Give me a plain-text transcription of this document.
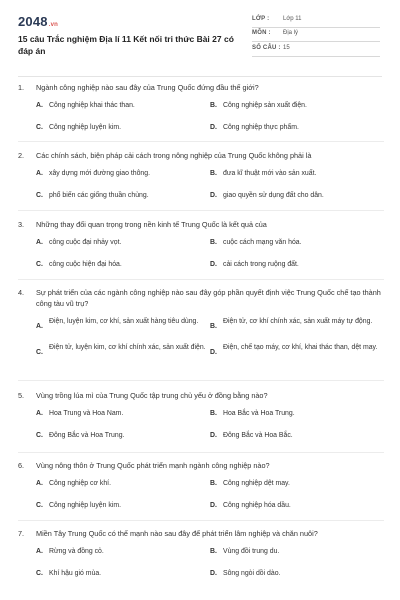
2048.vn
15 câu Trắc nghiệm Địa lí 11 Kết nối tri thức Bài 27 có đáp án
LỚP : Lớp 11
MÔN : Địa lý
SỐ CÂU : 15
1. Ngành công nghiệp nào sau đây của Trung Quốc đứng đầu thế giới?
A. Công nghiệp khai thác than.	B. Công nghiệp sản xuất điện.
C. Công nghiệp luyện kim.	D. Công nghiệp thực phẩm.
2. Các chính sách, biện pháp cải cách trong nông nghiệp của Trung Quốc không phải là
A. xây dựng mới đường giao thông.	B. đưa kĩ thuật mới vào sản xuất.
C. phổ biến các giống thuần chủng.	D. giao quyền sử dụng đất cho dân.
3. Những thay đổi quan trọng trong nền kinh tế Trung Quốc là kết quả của
A. công cuộc đại nhảy vọt.	B. cuộc cách mạng văn hóa.
C. công cuộc hiện đại hóa.	D. cải cách trong ruộng đất.
4. Sự phát triển của các ngành công nghiệp nào sau đây góp phần quyết định việc Trung Quốc chế tạo thành công tàu vũ trụ?
A.
Điện, luyện kim, cơ khí, sản xuất hàng tiêu dùng.
B.
Điện tử, cơ khí chính xác, sản xuất máy tự động.
C.
Điện tử, luyện kim, cơ khí chính xác, sản xuất điện.
D.
Điện, chế tạo máy, cơ khí, khai thác than, dệt may.
5. Vùng trồng lúa mì của Trung Quốc tập trung chủ yếu ở đồng bằng nào?
A. Hoa Trung và Hoa Nam.	B. Hoa Bắc và Hoa Trung.
C. Đông Bắc và Hoa Trung.	D. Đông Bắc và Hoa Bắc.
6. Vùng nông thôn ở Trung Quốc phát triển mạnh ngành công nghiệp nào?
A. Công nghiệp cơ khí.	B. Công nghiệp dệt may.
C. Công nghiệp luyện kim.	D. Công nghiệp hóa dầu.
7. Miền Tây Trung Quốc có thế mạnh nào sau đây để phát triển lâm nghiệp và chăn nuôi?
A. Rừng và đồng cỏ.	B. Vùng đồi trung du.
C. Khí hậu gió mùa.	D. Sông ngòi dồi dào.
